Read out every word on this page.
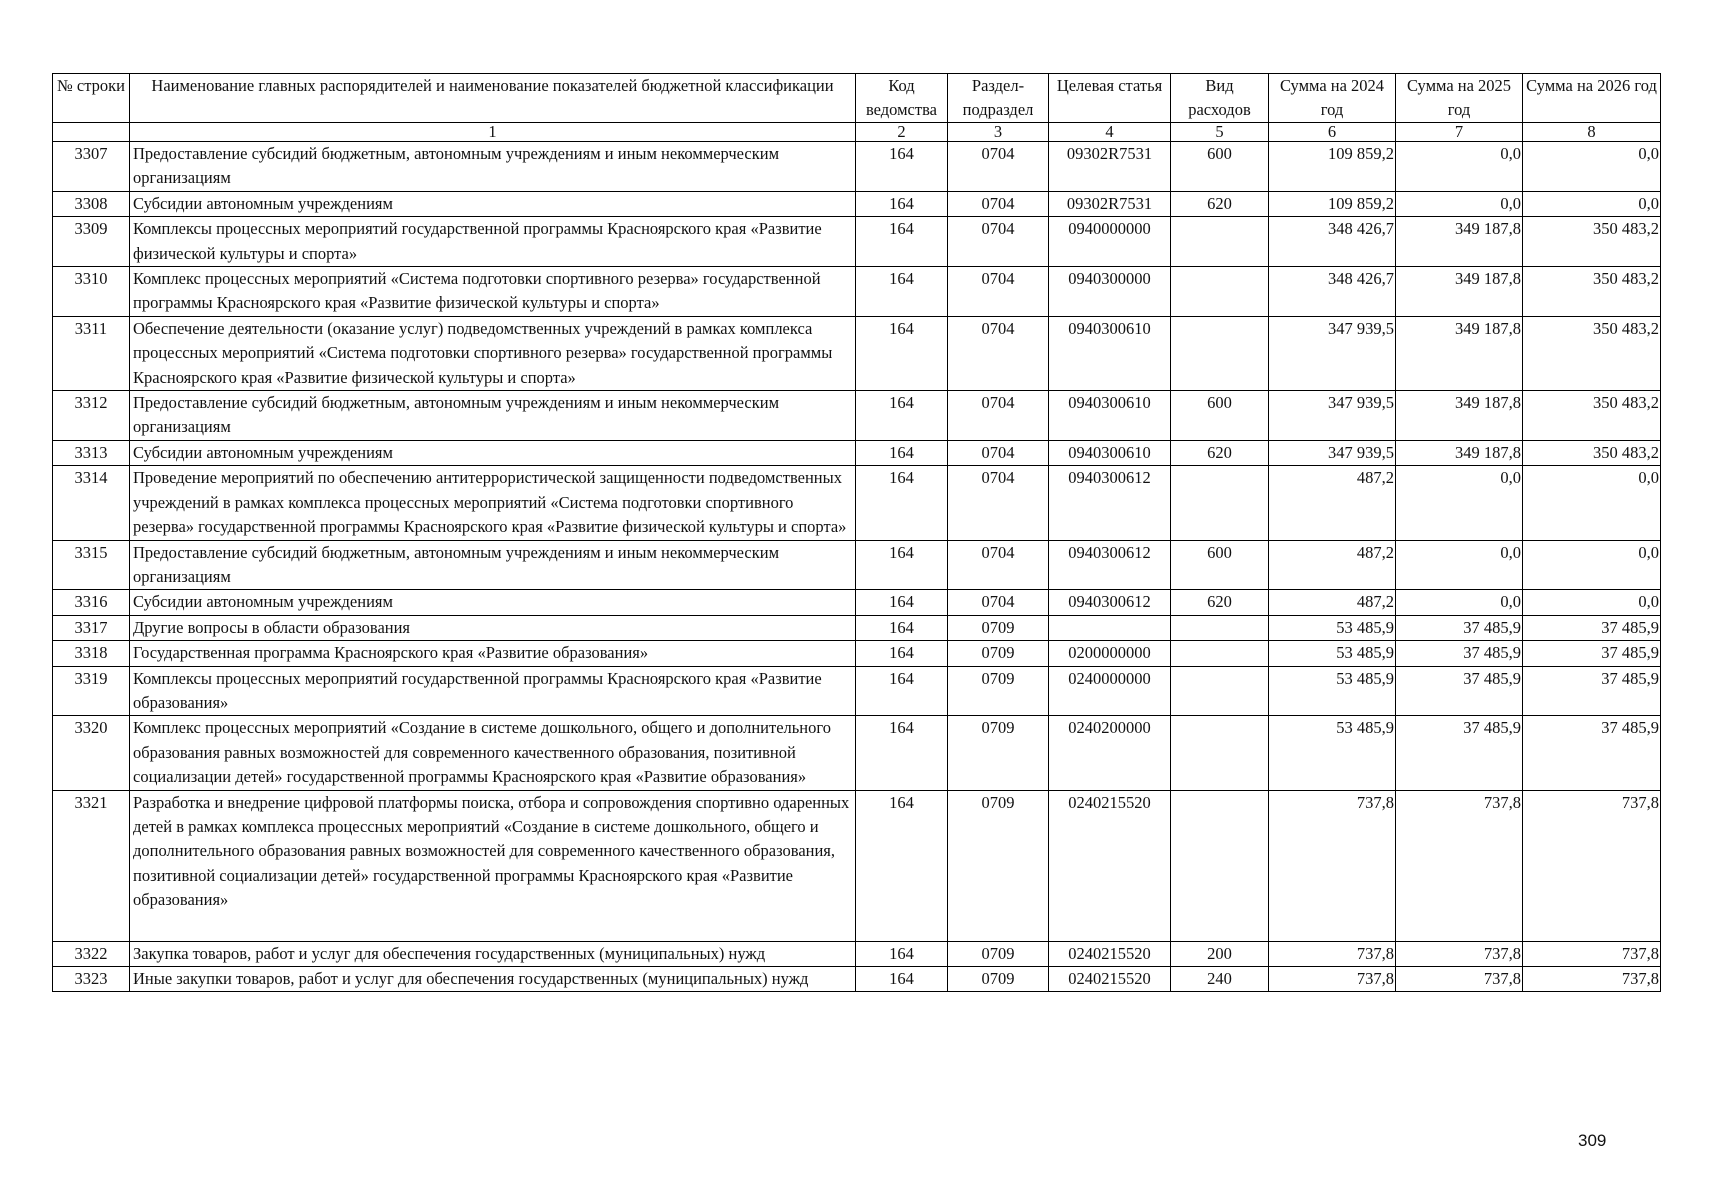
№ строки	Наименование главных распорядителей и наименование показателей бюджетной классификации	Код ведомства	Раздел-подраздел	Целевая статья	Вид расходов	Сумма на 2024 год	Сумма на 2025 год	Сумма на 2026 год
	1	2	3	4	5	6	7	8
3307	Предоставление субсидий бюджетным, автономным учреждениям и иным некоммерческим организациям	164	0704	09302R7531	600	109 859,2	0,0	0,0
3308	Субсидии автономным учреждениям	164	0704	09302R7531	620	109 859,2	0,0	0,0
3309	Комплексы процессных мероприятий государственной программы Красноярского края «Развитие физической культуры и спорта»	164	0704	0940000000		348 426,7	349 187,8	350 483,2
3310	Комплекс процессных мероприятий «Система подготовки спортивного резерва» государственной программы Красноярского края «Развитие физической культуры и спорта»	164	0704	0940300000		348 426,7	349 187,8	350 483,2
3311	Обеспечение деятельности (оказание услуг) подведомственных учреждений в рамках комплекса процессных мероприятий «Система подготовки спортивного резерва» государственной программы Красноярского края «Развитие физической культуры и спорта»	164	0704	0940300610		347 939,5	349 187,8	350 483,2
3312	Предоставление субсидий бюджетным, автономным учреждениям и иным некоммерческим организациям	164	0704	0940300610	600	347 939,5	349 187,8	350 483,2
3313	Субсидии автономным учреждениям	164	0704	0940300610	620	347 939,5	349 187,8	350 483,2
3314	Проведение мероприятий по обеспечению антитеррористической защищенности подведомственных учреждений в рамках комплекса процессных мероприятий «Система подготовки спортивного резерва» государственной программы Красноярского края «Развитие физической культуры и спорта»	164	0704	0940300612		487,2	0,0	0,0
3315	Предоставление субсидий бюджетным, автономным учреждениям и иным некоммерческим организациям	164	0704	0940300612	600	487,2	0,0	0,0
3316	Субсидии автономным учреждениям	164	0704	0940300612	620	487,2	0,0	0,0
3317	Другие вопросы в области образования	164	0709			53 485,9	37 485,9	37 485,9
3318	Государственная программа Красноярского края «Развитие образования»	164	0709	0200000000		53 485,9	37 485,9	37 485,9
3319	Комплексы процессных мероприятий государственной программы Красноярского края «Развитие образования»	164	0709	0240000000		53 485,9	37 485,9	37 485,9
3320	Комплекс процессных мероприятий «Создание в системе дошкольного, общего и дополнительного образования равных возможностей для современного качественного образования, позитивной социализации детей» государственной программы Красноярского края «Развитие образования»	164	0709	0240200000		53 485,9	37 485,9	37 485,9
3321	Разработка и внедрение цифровой платформы поиска, отбора и сопровождения спортивно одаренных детей в рамках комплекса процессных мероприятий «Создание в системе дошкольного, общего и дополнительного образования равных возможностей для современного качественного образования, позитивной социализации детей» государственной программы Красноярского края «Развитие образования»	164	0709	0240215520		737,8	737,8	737,8
3322	Закупка товаров, работ и услуг для обеспечения государственных (муниципальных) нужд	164	0709	0240215520	200	737,8	737,8	737,8
3323	Иные закупки товаров, работ и услуг для обеспечения государственных (муниципальных) нужд	164	0709	0240215520	240	737,8	737,8	737,8
309
